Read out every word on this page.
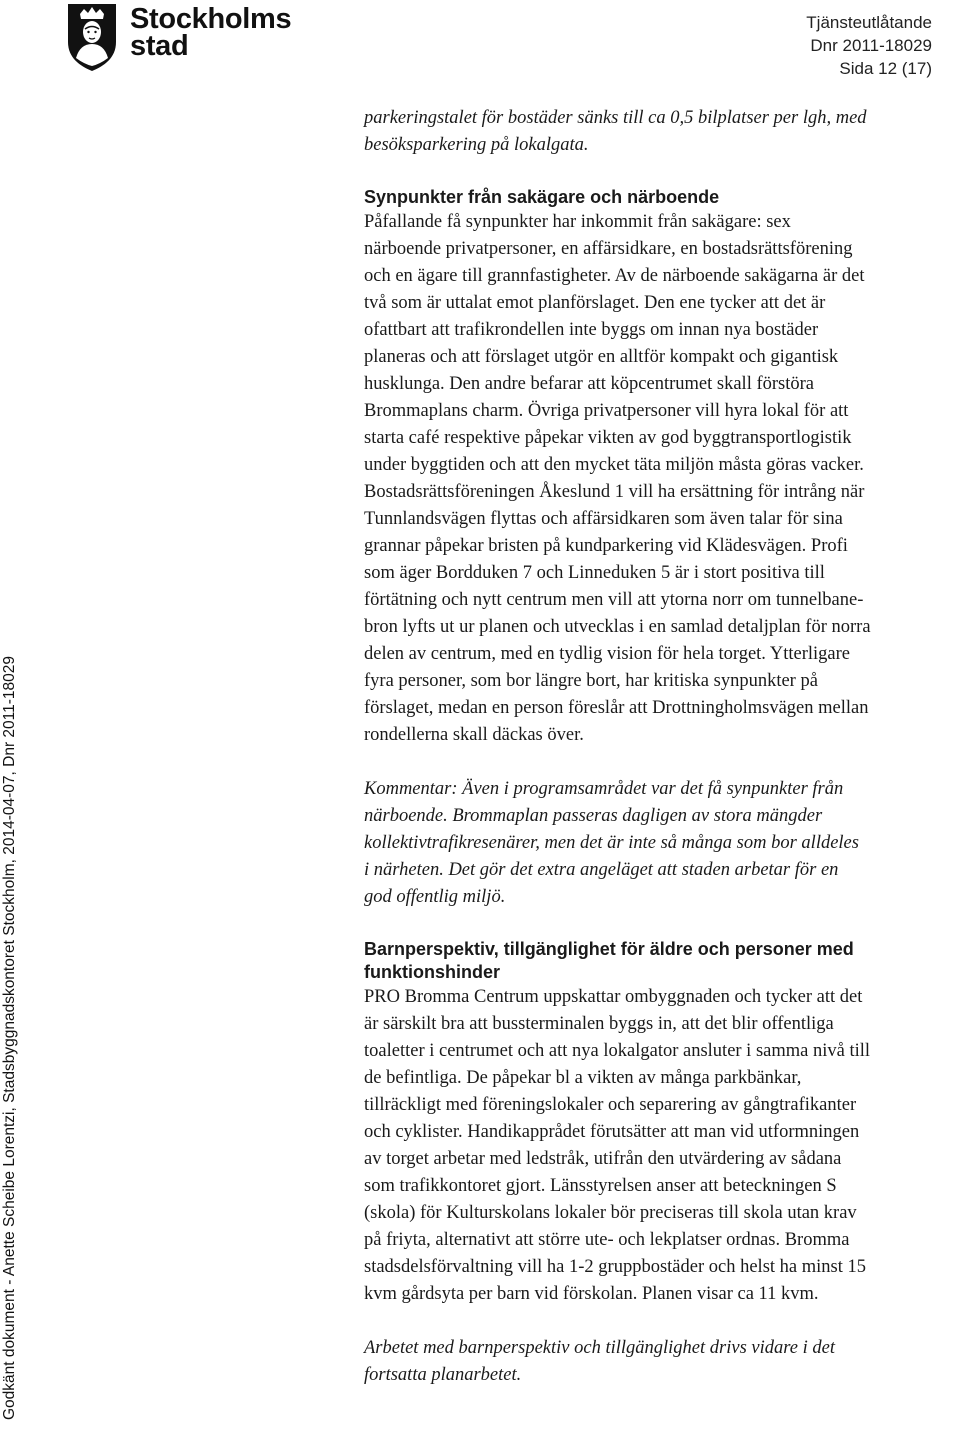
Stockholms
stad
Tjänsteutlåtande
Dnr 2011-18029
Sida 12 (17)
Godkänt dokument - Anette Scheibe Lorentzi, Stadsbyggnadskontoret Stockholm, 2014-04-07, Dnr 2011-18029

parkeringstalet för bostäder sänks till ca 0,5 bilplatser per lgh, med

besöksparkering på lokalgata.

Synpunkter från sakägare och närboende

Påfallande få synpunkter har inkommit från sakägare: sex

närboende privatpersoner, en affärsidkare, en bostadsrättsförening

och en ägare till grannfastigheter. Av de närboende sakägarna är det

två som är uttalat emot planförslaget. Den ene tycker att det är

ofattbart att trafikrondellen inte byggs om innan nya bostäder

planeras och att förslaget utgör en alltför kompakt och gigantisk

husklunga. Den andre befarar att köpcentrumet skall förstöra

Brommaplans charm. Övriga privatpersoner vill hyra lokal för att

starta café respektive påpekar vikten av god byggtransportlogistik

under byggtiden och att den mycket täta miljön måsta göras vacker.

Bostadsrättsföreningen Åkeslund 1 vill ha ersättning för intrång när

Tunnlandsvägen flyttas och affärsidkaren som även talar för sina

grannar påpekar bristen på kundparkering vid Klädesvägen. Profi

som äger Bordduken 7 och Linneduken 5 är i stort positiva till

förtätning och nytt centrum men vill att ytorna norr om tunnelbane-

bron lyfts ut ur planen och utvecklas i en samlad detaljplan för norra

delen av centrum, med en tydlig vision för hela torget. Ytterligare

fyra personer, som bor längre bort, har kritiska synpunkter på

förslaget, medan en person föreslår att Drottningholmsvägen mellan

rondellerna skall däckas över.

Kommentar: Även i programsamrådet var det få synpunkter från

närboende. Brommaplan passeras dagligen av stora mängder

kollektivtrafikresenärer, men det är inte så många som bor alldeles

i närheten. Det gör det extra angeläget att staden arbetar för en

god offentlig miljö.

Barnperspektiv, tillgänglighet för äldre och personer med

funktionshinder

PRO Bromma Centrum uppskattar ombyggnaden och tycker att det

är särskilt bra att bussterminalen byggs in, att det blir offentliga

toaletter i centrumet och att nya lokalgator ansluter i samma nivå till

de befintliga. De påpekar bl a vikten av många parkbänkar,

tillräckligt med föreningslokaler och separering av gångtrafikanter

och cyklister. Handikapprådet förutsätter att man vid utformningen

av torget arbetar med ledstråk, utifrån den utvärdering av sådana

som trafikkontoret gjort. Länsstyrelsen anser att beteckningen S

(skola) för Kulturskolans lokaler bör preciseras till skola utan krav

på friyta, alternativt att större ute- och lekplatser ordnas. Bromma

stadsdelsförvaltning vill ha 1-2 gruppbostäder och helst ha minst 15

kvm gårdsyta per barn vid förskolan. Planen visar ca 11 kvm.

Arbetet med barnperspektiv och tillgänglighet drivs vidare i det

fortsatta planarbetet.
